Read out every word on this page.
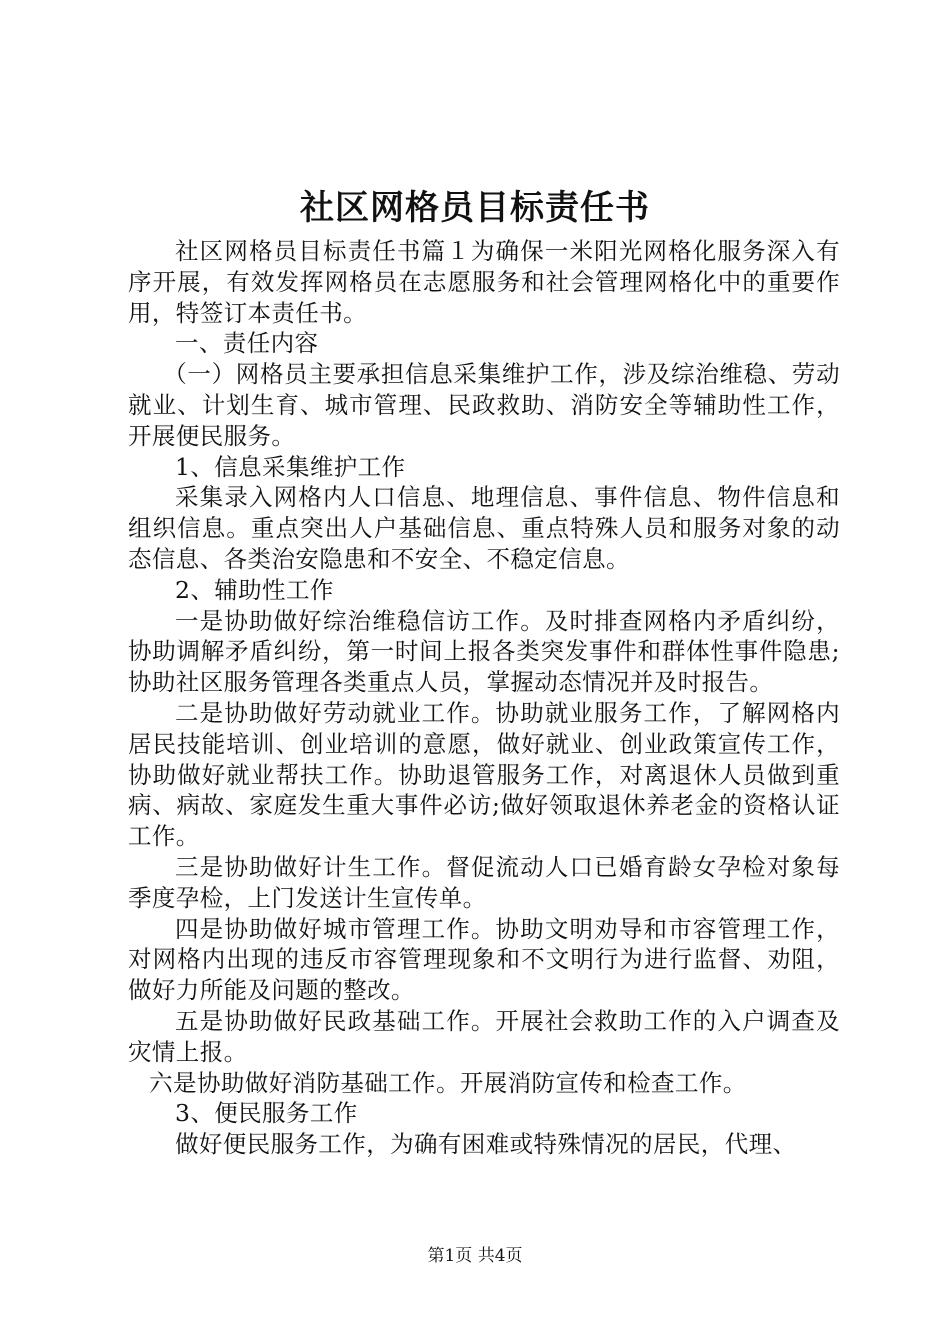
社区网格员目标责任书

社区网格员目标责任书篇１为确保一米阳光网格化服务深入有序开展，有效发挥网格员在志愿服务和社会管理网格化中的重要作用，特签订本责任书。

一、责任内容

（一）网格员主要承担信息采集维护工作，涉及综治维稳、劳动就业、计划生育、城市管理、民政救助、消防安全等辅助性工作，开展便民服务。

1、信息采集维护工作

采集录入网格内人口信息、地理信息、事件信息、物件信息和组织信息。重点突出人户基础信息、重点特殊人员和服务对象的动态信息、各类治安隐患和不安全、不稳定信息。

2、辅助性工作

一是协助做好综治维稳信访工作。及时排查网格内矛盾纠纷，协助调解矛盾纠纷，第一时间上报各类突发事件和群体性事件隐患;协助社区服务管理各类重点人员，掌握动态情况并及时报告。

二是协助做好劳动就业工作。协助就业服务工作，了解网格内居民技能培训、创业培训的意愿，做好就业、创业政策宣传工作，协助做好就业帮扶工作。协助退管服务工作，对离退休人员做到重病、病故、家庭发生重大事件必访;做好领取退休养老金的资格认证工作。

三是协助做好计生工作。督促流动人口已婚育龄女孕检对象每季度孕检，上门发送计生宣传单。

四是协助做好城市管理工作。协助文明劝导和市容管理工作，对网格内出现的违反市容管理现象和不文明行为进行监督、劝阻，做好力所能及问题的整改。

五是协助做好民政基础工作。开展社会救助工作的入户调查及灾情上报。

六是协助做好消防基础工作。开展消防宣传和检查工作。

3、便民服务工作

做好便民服务工作，为确有困难或特殊情况的居民，代理、

第1页 共4页
